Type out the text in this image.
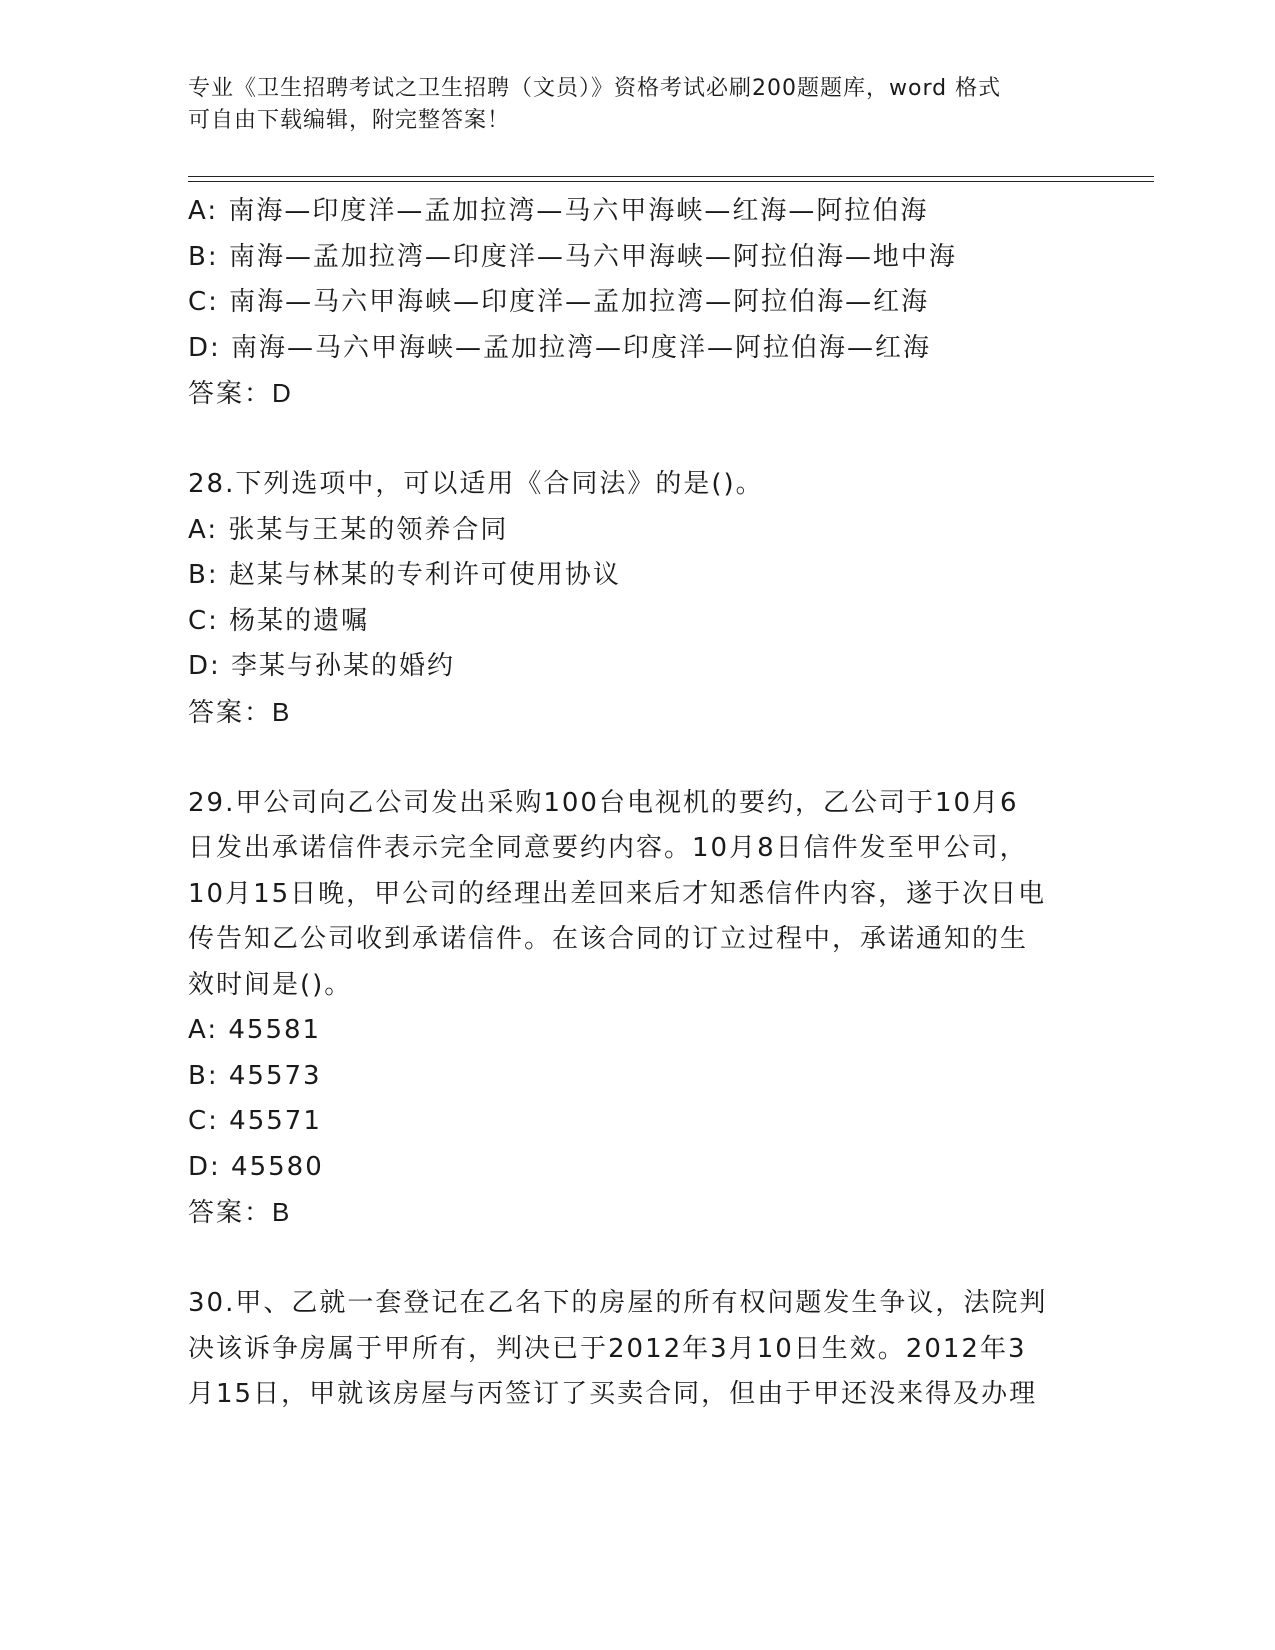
专业《卫生招聘考试之卫生招聘（文员）》资格考试必刷200题题库，word 格式
可自由下载编辑，附完整答案！
A: 南海—印度洋—孟加拉湾—马六甲海峡—红海—阿拉伯海
B: 南海—孟加拉湾—印度洋—马六甲海峡—阿拉伯海—地中海
C: 南海—马六甲海峡—印度洋—孟加拉湾—阿拉伯海—红海
D: 南海—马六甲海峡—孟加拉湾—印度洋—阿拉伯海—红海
答案：D
28.下列选项中，可以适用《合同法》的是()。
A: 张某与王某的领养合同
B: 赵某与林某的专利许可使用协议
C: 杨某的遗嘱
D: 李某与孙某的婚约
答案：B
29.甲公司向乙公司发出采购100台电视机的要约，乙公司于10月6
日发出承诺信件表示完全同意要约内容。10月8日信件发至甲公司，
10月15日晚，甲公司的经理出差回来后才知悉信件内容，遂于次日电
传告知乙公司收到承诺信件。在该合同的订立过程中，承诺通知的生
效时间是()。
A: 45581
B: 45573
C: 45571
D: 45580
答案：B
30.甲、乙就一套登记在乙名下的房屋的所有权问题发生争议，法院判
决该诉争房属于甲所有，判决已于2012年3月10日生效。2012年3
月15日，甲就该房屋与丙签订了买卖合同，但由于甲还没来得及办理
